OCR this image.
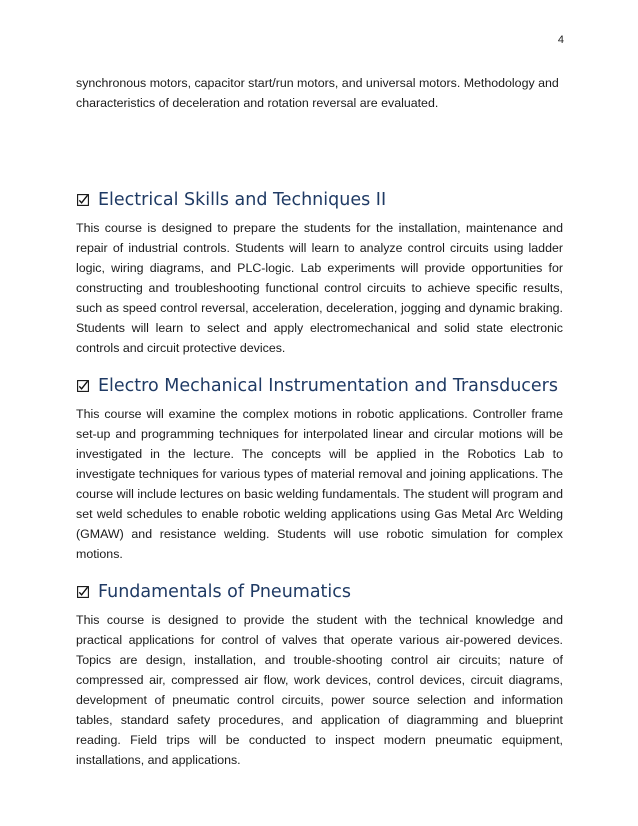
4

synchronous motors, capacitor start/run motors, and universal motors. Methodology and characteristics of deceleration and rotation reversal are evaluated.

Electrical Skills and Techniques II

This course is designed to prepare the students for the installation, maintenance and repair of industrial controls. Students will learn to analyze control circuits using ladder logic, wiring diagrams, and PLC-logic. Lab experiments will provide opportunities for constructing and troubleshooting functional control circuits to achieve specific results, such as speed control reversal, acceleration, deceleration, jogging and dynamic braking. Students will learn to select and apply electromechanical and solid state electronic controls and circuit protective devices.

Electro Mechanical Instrumentation and Transducers

This course will examine the complex motions in robotic applications. Controller frame set-up and programming techniques for interpolated linear and circular motions will be investigated in the lecture. The concepts will be applied in the Robotics Lab to investigate techniques for various types of material removal and joining applications. The course will include lectures on basic welding fundamentals. The student will program and set weld schedules to enable robotic welding applications using Gas Metal Arc Welding (GMAW) and resistance welding. Students will use robotic simulation for complex motions.

Fundamentals of Pneumatics

This course is designed to provide the student with the technical knowledge and practical applications for control of valves that operate various air-powered devices. Topics are design, installation, and trouble-shooting control air circuits; nature of compressed air, compressed air flow, work devices, control devices, circuit diagrams, development of pneumatic control circuits, power source selection and information tables, standard safety procedures, and application of diagramming and blueprint reading. Field trips will be conducted to inspect modern pneumatic equipment, installations, and applications.
